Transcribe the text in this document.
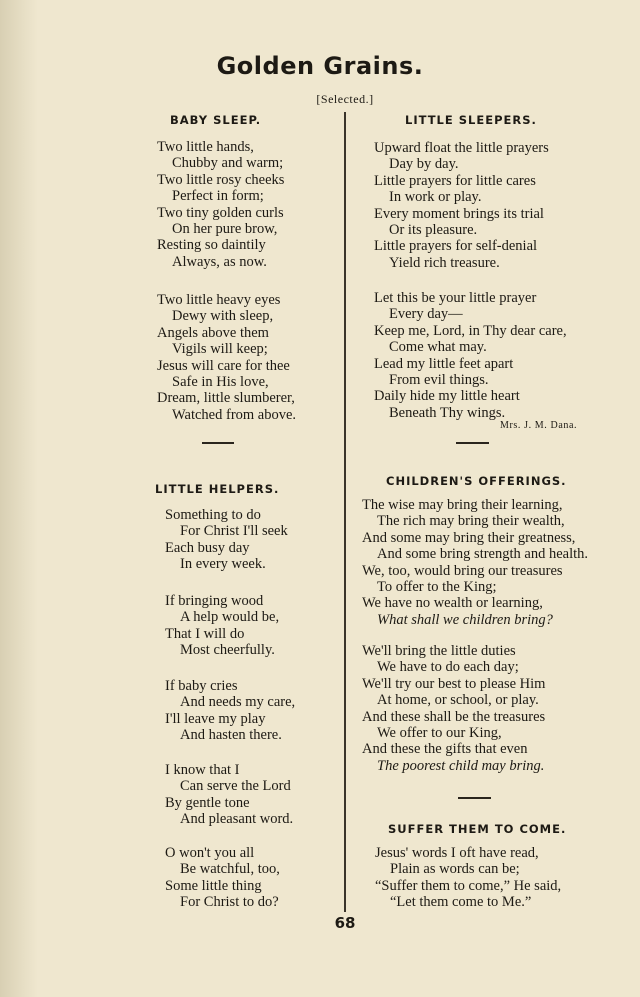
Golden Grains.
[Selected.]
BABY SLEEP.
Two little hands,
Chubby and warm;
Two little rosy cheeks
Perfect in form;
Two tiny golden curls
On her pure brow,
Resting so daintily
Always, as now.
Two little heavy eyes
Dewy with sleep,
Angels above them
Vigils will keep;
Jesus will care for thee
Safe in His love,
Dream, little slumberer,
Watched from above.
LITTLE HELPERS.
Something to do
For Christ I'll seek
Each busy day
In every week.
If bringing wood
A help would be,
That I will do
Most cheerfully.
If baby cries
And needs my care,
I'll leave my play
And hasten there.
I know that I
Can serve the Lord
By gentle tone
And pleasant word.
O won't you all
Be watchful, too,
Some little thing
For Christ to do?
LITTLE SLEEPERS.
Upward float the little prayers
Day by day.
Little prayers for little cares
In work or play.
Every moment brings its trial
Or its pleasure.
Little prayers for self-denial
Yield rich treasure.
Let this be your little prayer
Every day—
Keep me, Lord, in Thy dear care,
Come what may.
Lead my little feet apart
From evil things.
Daily hide my little heart
Beneath Thy wings.
Mrs. J. M. Dana.
CHILDREN'S OFFERINGS.
The wise may bring their learning,
The rich may bring their wealth,
And some may bring their greatness,
And some bring strength and health.
We, too, would bring our treasures
To offer to the King;
We have no wealth or learning,
What shall we children bring?
We'll bring the little duties
We have to do each day;
We'll try our best to please Him
At home, or school, or play.
And these shall be the treasures
We offer to our King,
And these the gifts that even
The poorest child may bring.
SUFFER THEM TO COME.
Jesus' words I oft have read,
Plain as words can be;
“Suffer them to come,” He said,
“Let them come to Me.”
68
